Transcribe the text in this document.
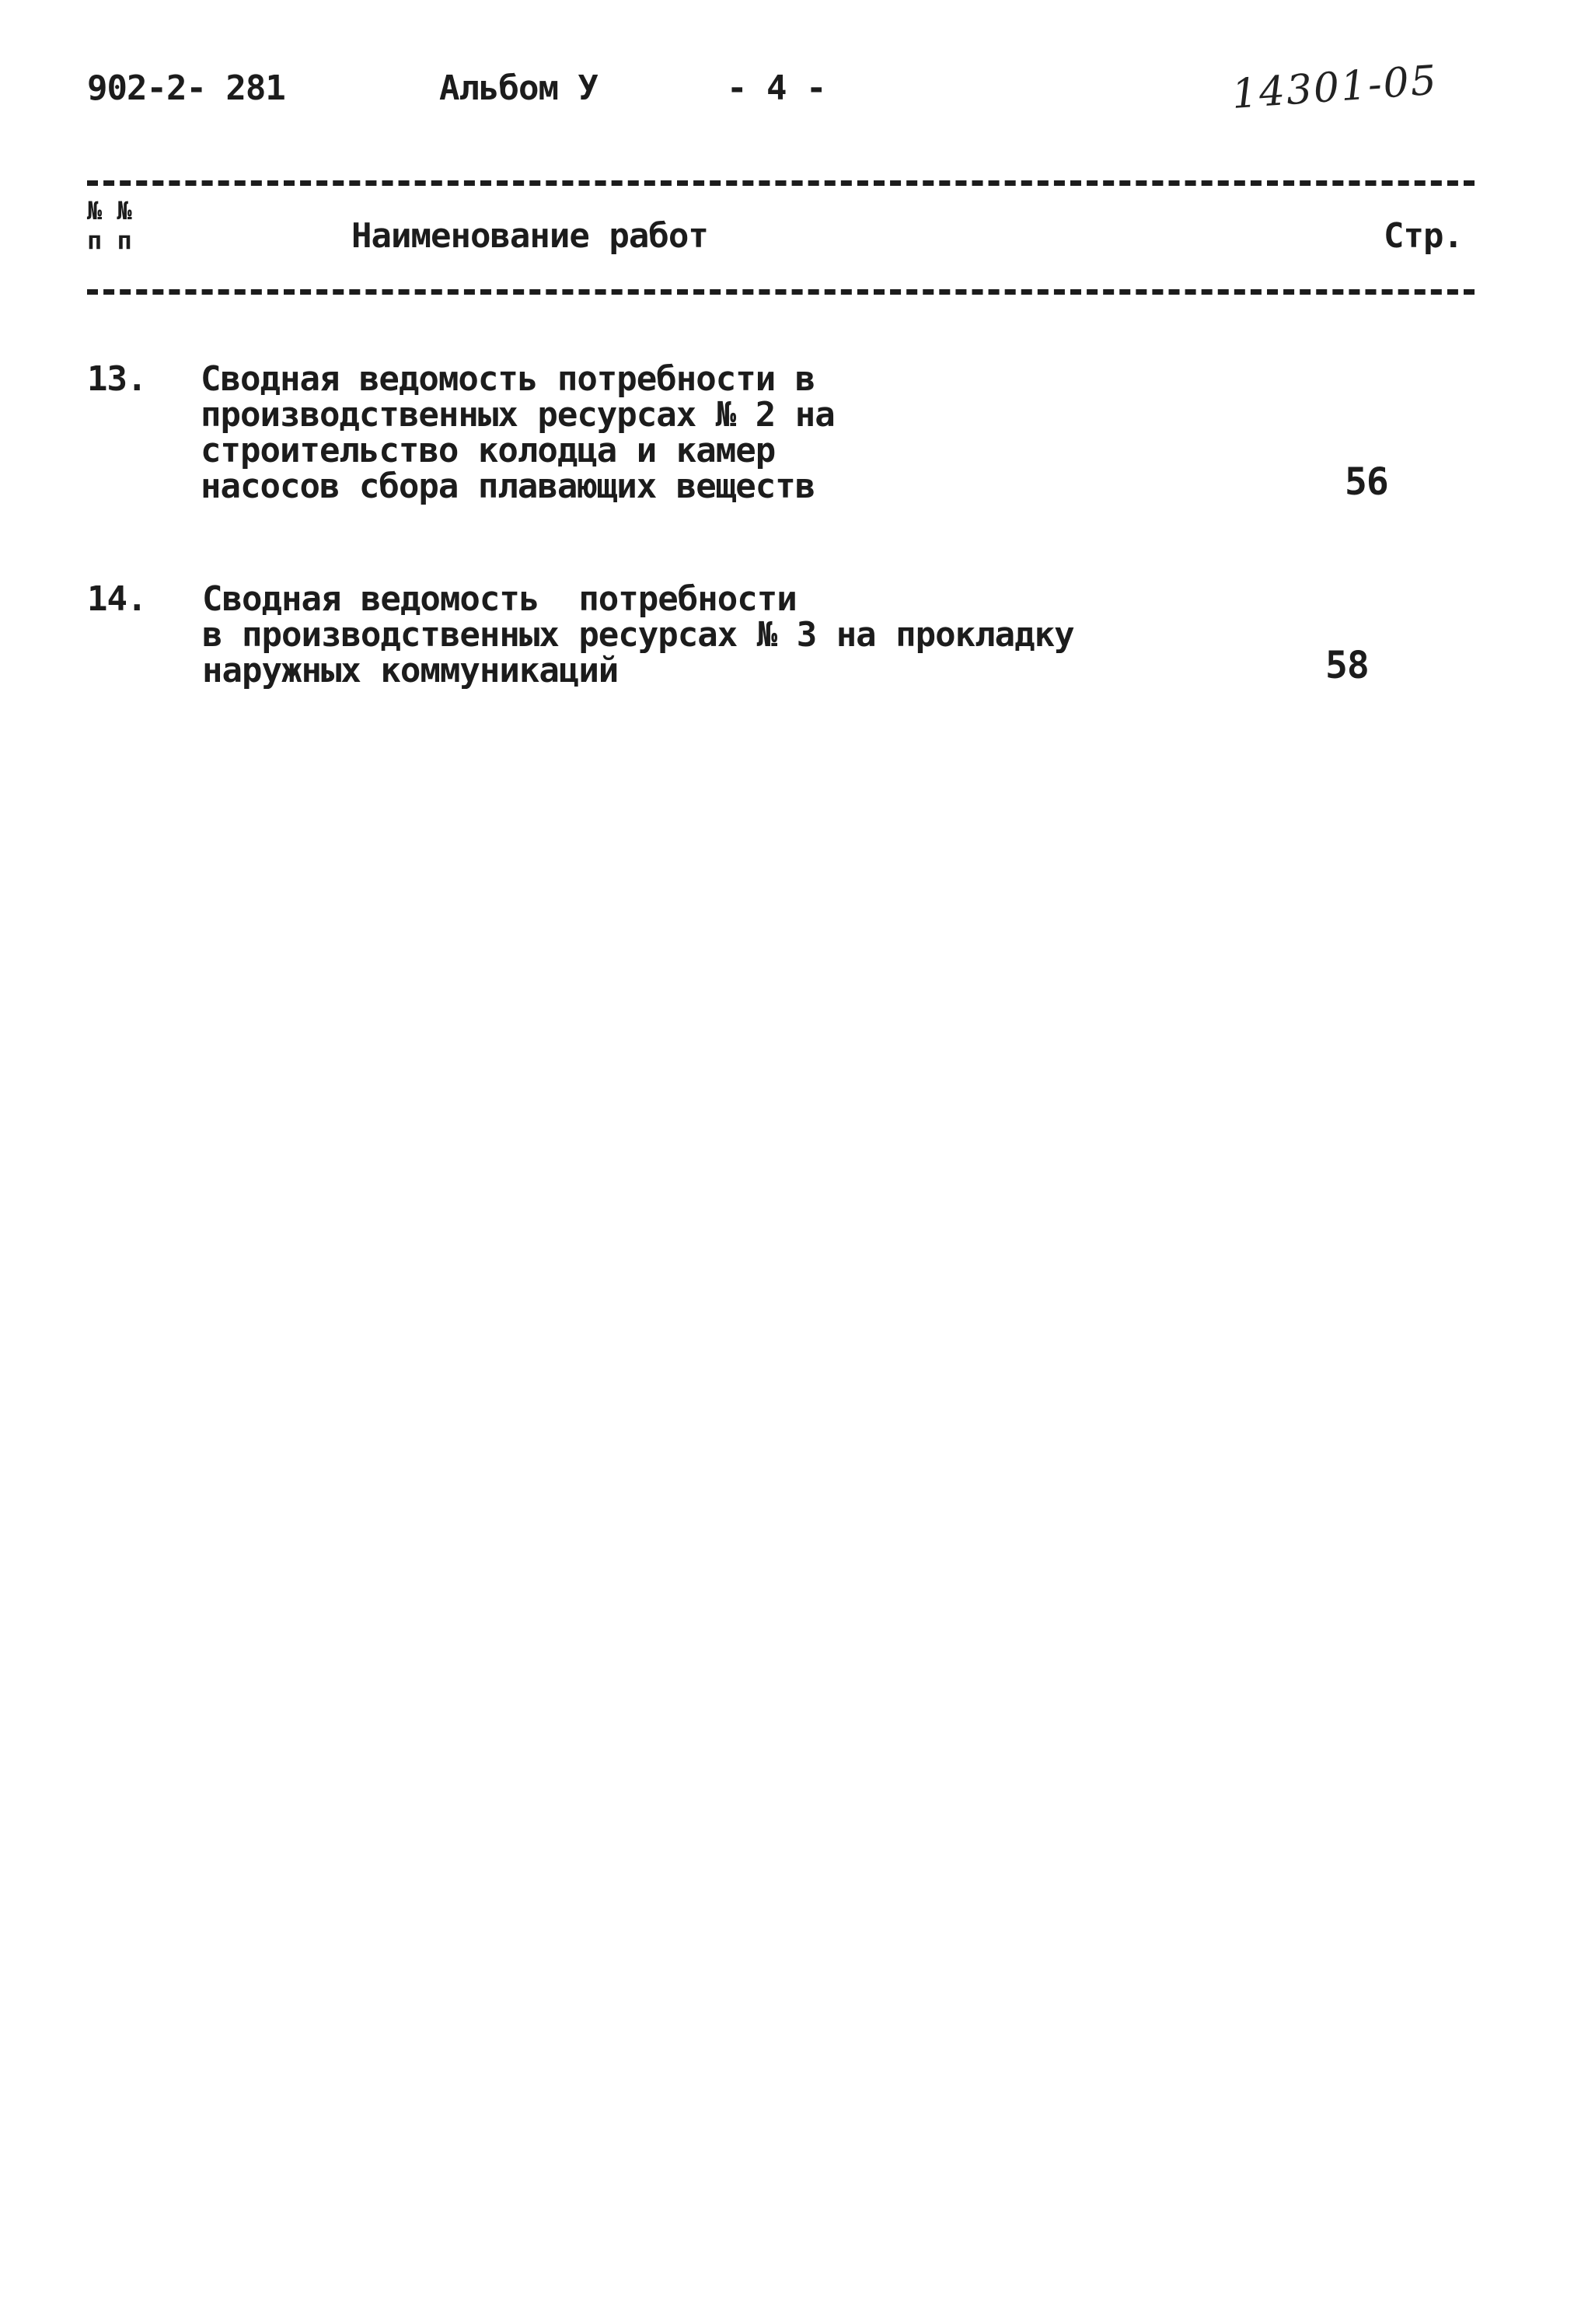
902-2- 281	Альбом У	- 4 -	14301-05
№ №
п п	Наименование работ	Стр.
13. Сводная ведомость потребности в
производственных ресурсах № 2 на
строительство колодца и камер
насосов сбора плавающих веществ	56
14. Сводная ведомость  потребности
в производственных ресурсах № 3 на прокладку
наружных коммуникаций	58
